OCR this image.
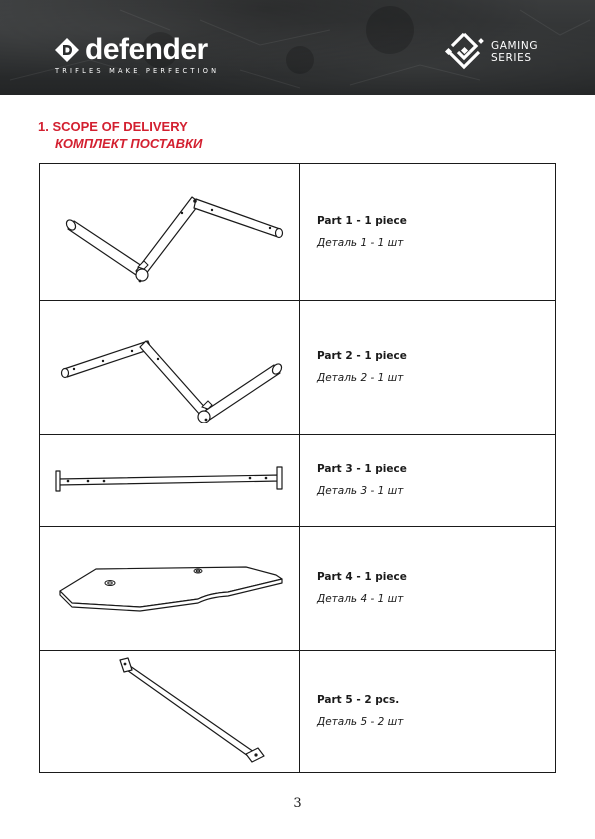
defender
TRIFLES MAKE PERFECTION
GAMING
SERIES
1. SCOPE OF DELIVERY
КОМПЛЕКТ ПОСТАВКИ

Part 1 - 1 piece
Деталь 1 - 1 шт

Part 2 - 1 piece
Деталь 2 - 1 шт

Part 3 - 1 piece
Деталь 3 - 1 шт

Part 4 - 1 piece
Деталь 4 - 1 шт

Part 5 - 2 pcs.
Деталь 5 - 2 шт
3
